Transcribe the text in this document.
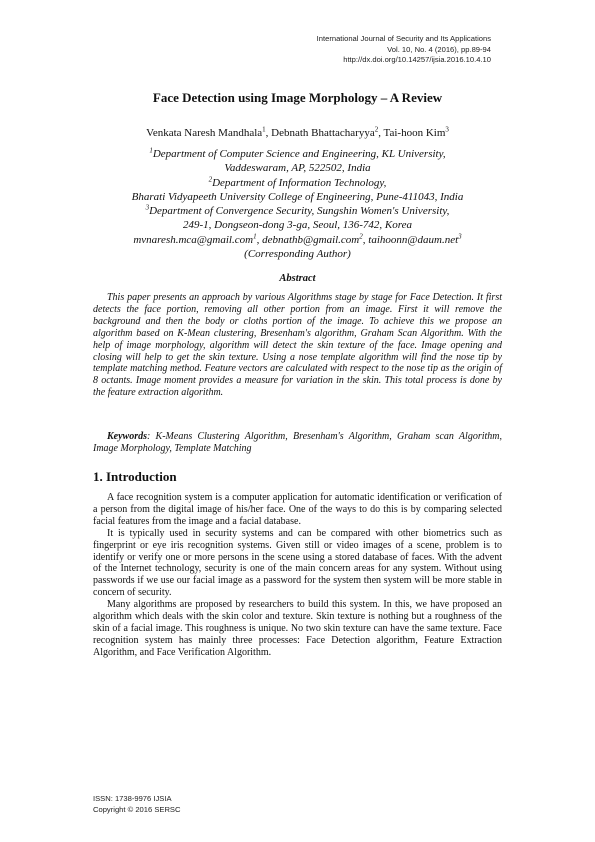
International Journal of Security and Its Applications
Vol. 10, No. 4 (2016), pp.89-94
http://dx.doi.org/10.14257/ijsia.2016.10.4.10
Face Detection using Image Morphology – A Review
Venkata Naresh Mandhala$^1$, Debnath Bhattacharyya$^2$, Tai-hoon Kim$^3$
$^1$Department of Computer Science and Engineering, KL University,
Vaddeswaram, AP, 522502, India
$^2$Department of Information Technology,
Bharati Vidyapeeth University College of Engineering, Pune-411043, India
$^3$Department of Convergence Security, Sungshin Women's University,
249-1, Dongseon-dong 3-ga, Seoul, 136-742, Korea
mvnaresh.mca@gmail.com$^1$, debnathb@gmail.com$^2$, taihoonn@daum.net$^3$
(Corresponding Author)
Abstract
This paper presents an approach by various Algorithms stage by stage for Face Detection. It first detects the face portion, removing all other portion from an image. First it will remove the background and then the body or cloths portion of the image. To achieve this we propose an algorithm based on K-Mean clustering, Bresenham's algorithm, Graham Scan Algorithm. With the help of image morphology, algorithm will detect the skin texture of the face. Image opening and closing will help to get the skin texture. Using a nose template algorithm will find the nose tip by template matching method. Feature vectors are calculated with respect to the nose tip as the origin of 8 octants. Image moment provides a measure for variation in the skin. This total process is done by the feature extraction algorithm.
Keywords: K-Means Clustering Algorithm, Bresenham's Algorithm, Graham scan Algorithm, Image Morphology, Template Matching
1. Introduction

A face recognition system is a computer application for automatic identification or verification of a person from the digital image of his/her face. One of the ways to do this is by comparing selected facial features from the image and a facial database.

It is typically used in security systems and can be compared with other biometrics such as fingerprint or eye iris recognition systems. Given still or video images of a scene, problem is to identify or verify one or more persons in the scene using a stored database of faces. With the advent of the Internet technology, security is one of the main concern areas for any system. Without using passwords if we use our facial image as a password for the system then system will be more stable in concern of security.

Many algorithms are proposed by researchers to build this system. In this, we have proposed an algorithm which deals with the skin color and texture. Skin texture is nothing but a roughness of the skin of a facial image. This roughness is unique. No two skin texture can have the same texture. Face recognition system has mainly three processes: Face Detection algorithm, Feature Extraction Algorithm, and Face Verification Algorithm.

ISSN: 1738-9976 IJSIA
Copyright © 2016 SERSC
